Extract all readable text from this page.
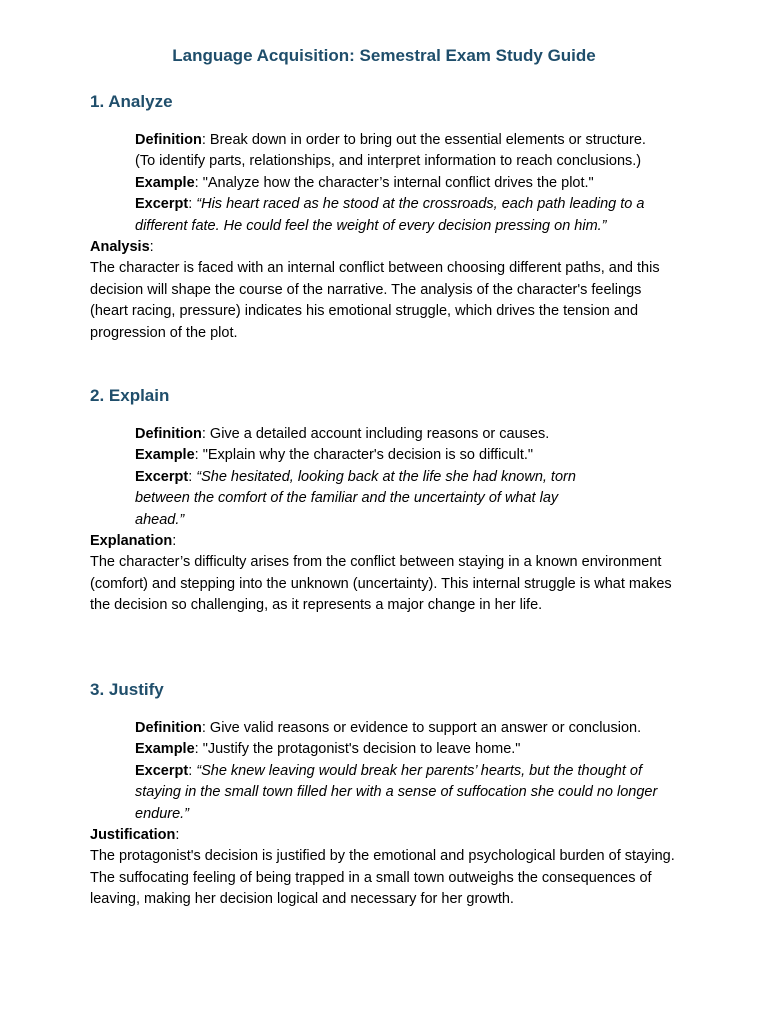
Language Acquisition: Semestral Exam Study Guide
1. Analyze

Definition: Break down in order to bring out the essential elements or structure.

(To identify parts, relationships, and interpret information to reach conclusions.)

Example: "Analyze how the character’s internal conflict drives the plot."

Excerpt: “His heart raced as he stood at the crossroads, each path leading to a different fate. He could feel the weight of every decision pressing on him.”

Analysis:

The character is faced with an internal conflict between choosing different paths, and this decision will shape the course of the narrative. The analysis of the character's feelings (heart racing, pressure) indicates his emotional struggle, which drives the tension and progression of the plot.

2. Explain

Definition: Give a detailed account including reasons or causes.

Example: "Explain why the character's decision is so difficult."

Excerpt: “She hesitated, looking back at the life she had known, torn between the comfort of the familiar and the uncertainty of what lay ahead.”

Explanation:

The character’s difficulty arises from the conflict between staying in a known environment (comfort) and stepping into the unknown (uncertainty). This internal struggle is what makes the decision so challenging, as it represents a major change in her life.

3. Justify

Definition: Give valid reasons or evidence to support an answer or conclusion.

Example: "Justify the protagonist's decision to leave home."

Excerpt: “She knew leaving would break her parents’ hearts, but the thought of staying in the small town filled her with a sense of suffocation she could no longer endure.”

Justification:

The protagonist's decision is justified by the emotional and psychological burden of staying. The suffocating feeling of being trapped in a small town outweighs the consequences of leaving, making her decision logical and necessary for her growth.
